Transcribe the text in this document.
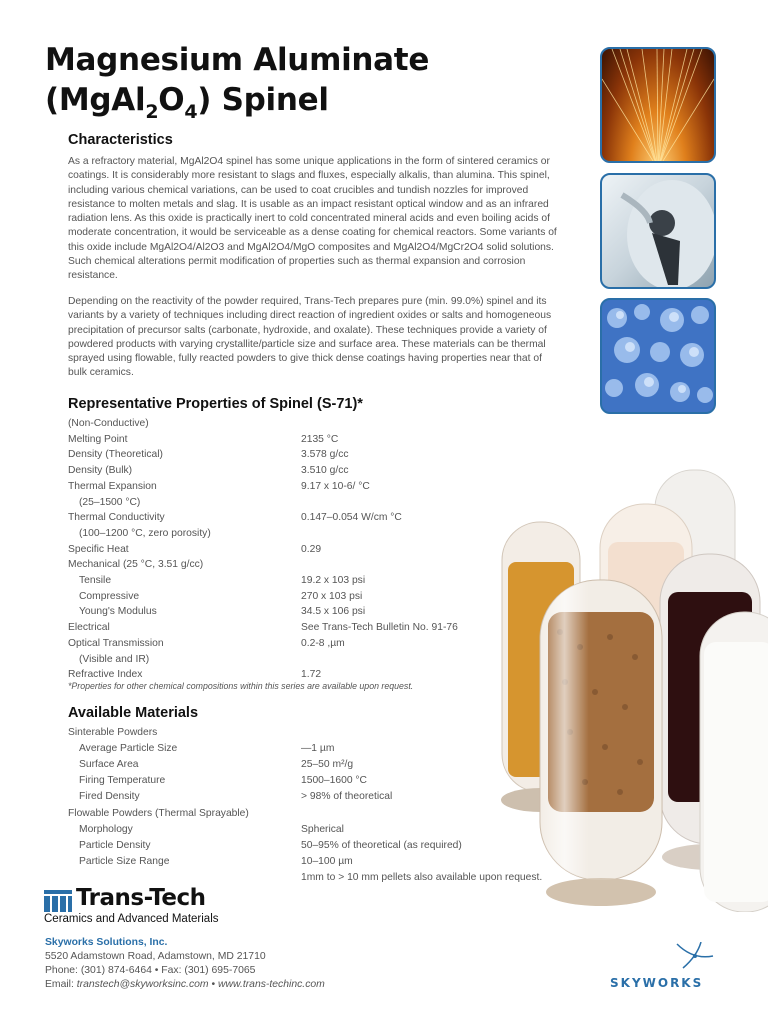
Magnesium Aluminate
$(MgAl_2O_4)$ Spinel
Characteristics

As a refractory material, MgAl2O4 spinel has some unique applications in the form of sintered ceramics or coatings. It is considerably more resistant to slags and fluxes, especially alkalis, than alumina. This spinel, including various chemical variations, can be used to coat crucibles and tundish nozzles for improved resistance to molten metals and slag. It is usable as an impact resistant optical window and as an infrared radiation lens. As this oxide is practically inert to cold concentrated mineral acids and even boiling acids of moderate concentration, it would be serviceable as a dense coating for chemical reactors. Some variants of this oxide include MgAl2O4/Al2O3 and MgAl2O4/MgO composites and MgAl2O4/MgCr2O4 solid solutions. Such chemical alterations permit modification of properties such as thermal expansion and corrosion resistance.

Depending on the reactivity of the powder required, Trans-Tech prepares pure (min. 99.0%) spinel and its variants by a variety of techniques including direct reaction of ingredient oxides or salts and homogeneous precipitation of precursor salts (carbonate, hydroxide, and oxalate). These techniques provide a variety of powdered products with varying crystallite/particle size and surface area. These materials can be thermal sprayed using flowable, fully reacted powders to give thick dense coatings having properties near that of bulk ceramics.

Representative Properties of Spinel (S-71)*
(Non-Conductive)
Melting Point	2135 °C
Density (Theoretical)	3.578 g/cc
Density (Bulk)	3.510 g/cc
Thermal Expansion	9.17 x 10-6/ °C
(25–1500 °C)
Thermal Conductivity	0.147–0.054 W/cm °C
(100–1200 °C, zero porosity)
Specific Heat	0.29
Mechanical (25 °C, 3.51 g/cc)
Tensile	19.2 x 103 psi
Compressive	270 x 103 psi
Young's Modulus	34.5 x 106 psi
Electrical	See Trans-Tech Bulletin No. 91-76
Optical Transmission	0.2-8 ,µm
(Visible and IR)
Refractive Index	1.72
*Properties for other chemical compositions within this series are available upon request.
Available Materials
Sinterable Powders
Average Particle Size	—1 µm
Surface Area	25–50 m²/g
Firing Temperature	1500–1600 °C
Fired Density	> 98% of theoretical
Flowable Powders (Thermal Sprayable)
Morphology	Spherical
Particle Density	50–95% of theoretical (as required)
Particle Size Range	10–100 µm
1mm to > 10 mm pellets also available upon request.
Trans-Tech
Ceramics and Advanced Materials
Skyworks Solutions, Inc.
5520 Adamstown Road, Adamstown, MD 21710
Phone: (301) 874-6464 • Fax: (301) 695-7065
Email: transtech@skyworksinc.com • www.trans-techinc.com	SKYWORKS
